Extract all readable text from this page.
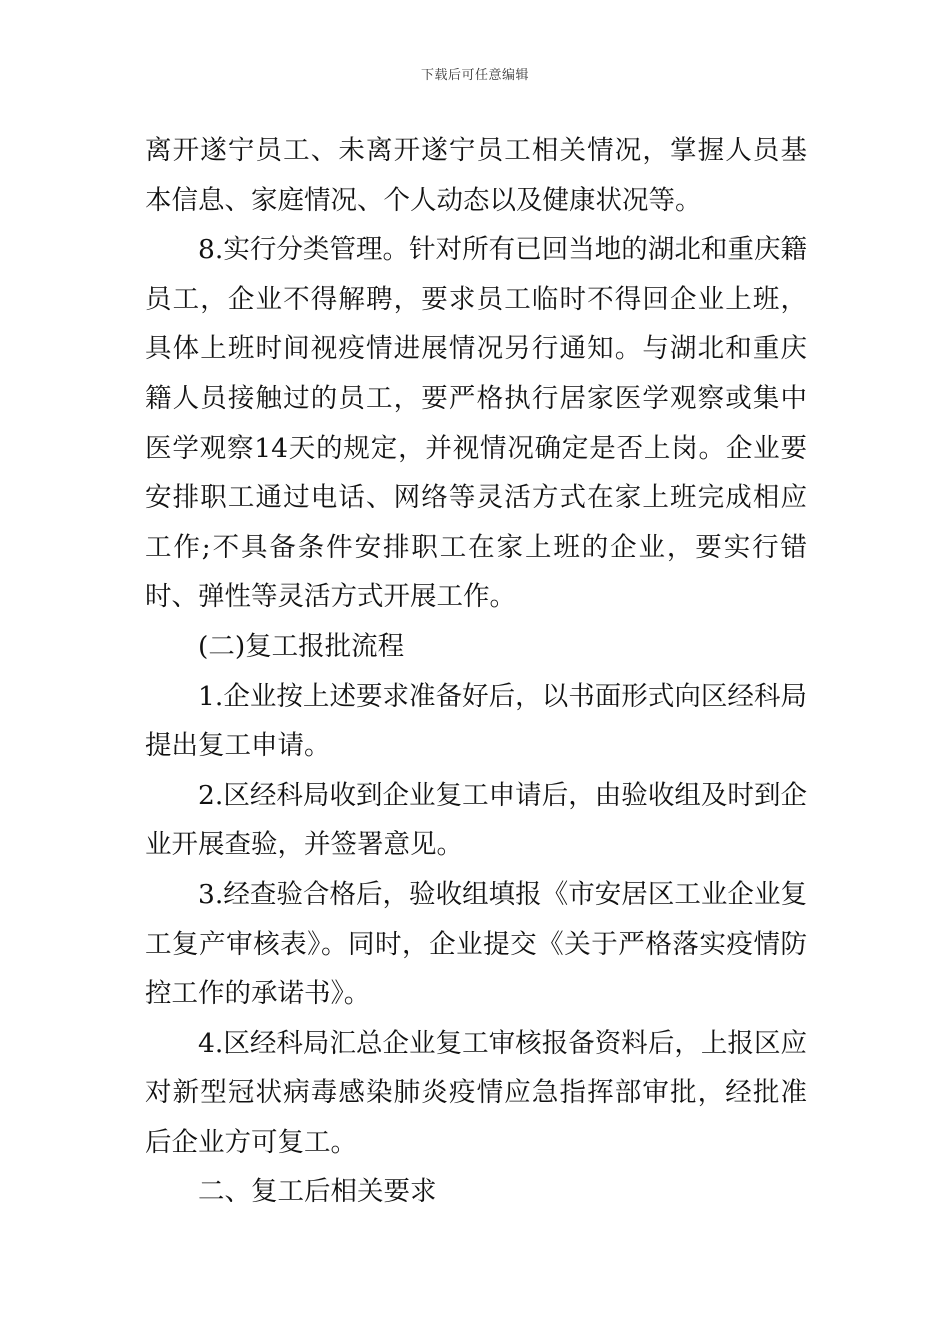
下载后可任意编辑

离开遂宁员工、未离开遂宁员工相关情况，掌握人员基本信息、家庭情况、个人动态以及健康状况等。

8.实行分类管理。针对所有已回当地的湖北和重庆籍员工，企业不得解聘，要求员工临时不得回企业上班，具体上班时间视疫情进展情况另行通知。与湖北和重庆籍人员接触过的员工，要严格执行居家医学观察或集中医学观察14天的规定，并视情况确定是否上岗。企业要安排职工通过电话、网络等灵活方式在家上班完成相应工作;不具备条件安排职工在家上班的企业，要实行错时、弹性等灵活方式开展工作。

(二)复工报批流程

1.企业按上述要求准备好后，以书面形式向区经科局提出复工申请。

2.区经科局收到企业复工申请后，由验收组及时到企业开展查验，并签署意见。

3.经查验合格后，验收组填报《市安居区工业企业复工复产审核表》。同时，企业提交《关于严格落实疫情防控工作的承诺书》。

4.区经科局汇总企业复工审核报备资料后，上报区应对新型冠状病毒感染肺炎疫情应急指挥部审批，经批准后企业方可复工。

二、复工后相关要求
